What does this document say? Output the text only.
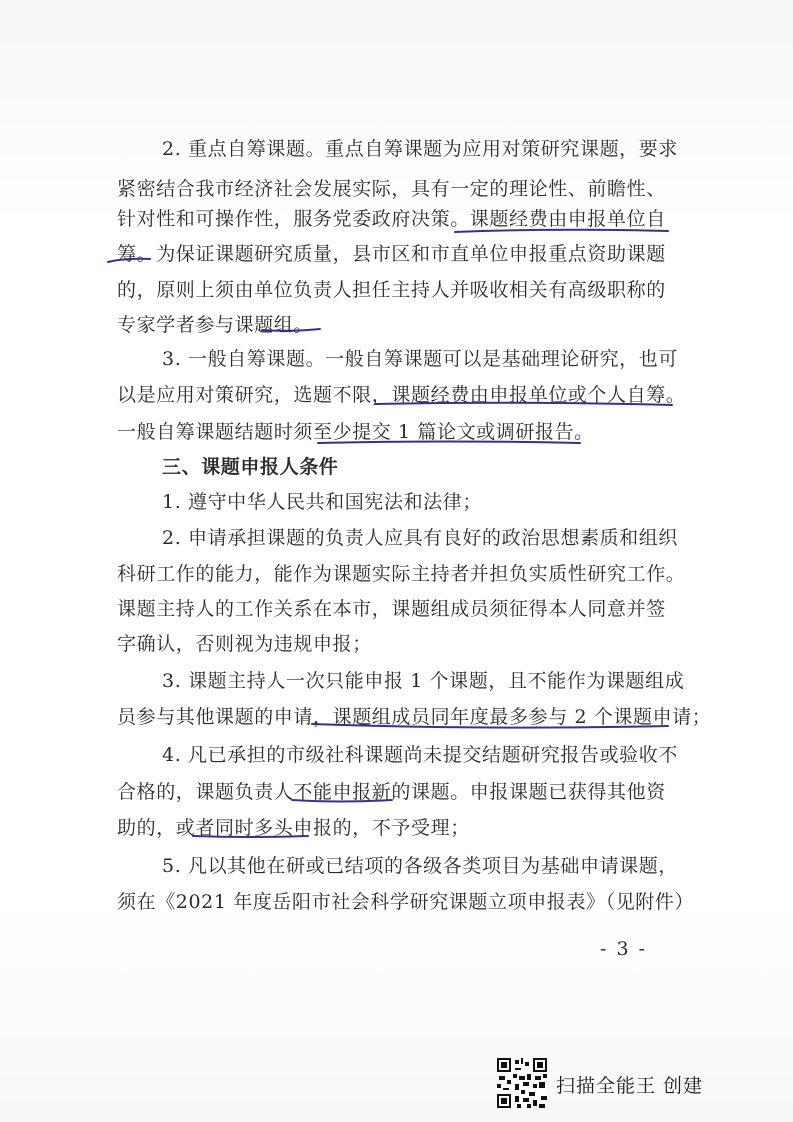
2. 重点自筹课题。重点自筹课题为应用对策研究课题，要求
紧密结合我市经济社会发展实际，具有一定的理论性、前瞻性、
针对性和可操作性，服务党委政府决策。课题经费由申报单位自
筹。为保证课题研究质量，县市区和市直单位申报重点资助课题
的，原则上须由单位负责人担任主持人并吸收相关有高级职称的
专家学者参与课题组。
3. 一般自筹课题。一般自筹课题可以是基础理论研究，也可
以是应用对策研究，选题不限，课题经费由申报单位或个人自筹。
一般自筹课题结题时须至少提交 1 篇论文或调研报告。
三、课题申报人条件
1. 遵守中华人民共和国宪法和法律；
2. 申请承担课题的负责人应具有良好的政治思想素质和组织
科研工作的能力，能作为课题实际主持者并担负实质性研究工作。
课题主持人的工作关系在本市，课题组成员须征得本人同意并签
字确认，否则视为违规申报；
3. 课题主持人一次只能申报 1 个课题，且不能作为课题组成
员参与其他课题的申请，课题组成员同年度最多参与 2 个课题申请；
4. 凡已承担的市级社科课题尚未提交结题研究报告或验收不
合格的，课题负责人不能申报新的课题。申报课题已获得其他资
助的，或者同时多头申报的，不予受理；
5. 凡以其他在研或已结项的各级各类项目为基础申请课题，
须在《2021 年度岳阳市社会科学研究课题立项申报表》（见附件）
- 3 -
扫描全能王 创建
